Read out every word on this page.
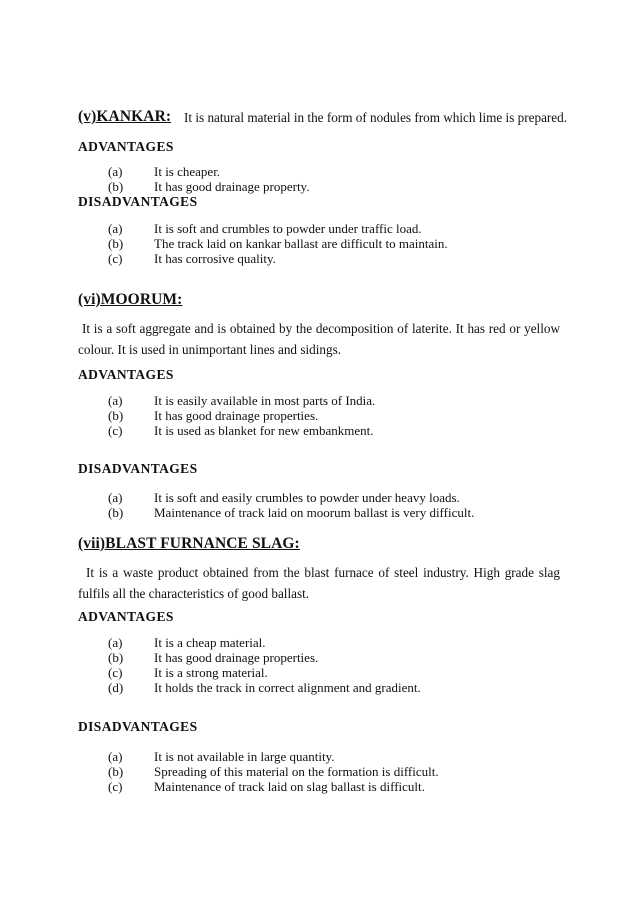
(v)KANKAR: It is natural material in the form of nodules from which lime is prepared.
ADVANTAGES
(a)	It is cheaper.
(b)	It has good drainage property.
DISADVANTAGES
(a)	It is soft and crumbles to powder under traffic load.
(b)	The track laid on kankar ballast are difficult to maintain.
(c)	It has corrosive quality.
(vi)MOORUM:
It is a soft aggregate and is obtained by the decomposition of laterite. It has red or yellow colour. It is used in unimportant lines and sidings.
ADVANTAGES
(a)	It is easily available in most parts of India.
(b)	It has good drainage properties.
(c)	It is used as blanket for new embankment.
DISADVANTAGES
(a)	It is soft and easily crumbles to powder under heavy loads.
(b)	Maintenance of track laid on moorum ballast is very difficult.
(vii)BLAST FURNANCE SLAG:
It is a waste product obtained from the blast furnace of steel industry. High grade slag fulfils all the characteristics of good ballast.
ADVANTAGES
(a)	It is a cheap material.
(b)	It has good drainage properties.
(c)	It is a strong material.
(d)	It holds the track in correct alignment and gradient.
DISADVANTAGES
(a)	It is not available in large quantity.
(b)	Spreading of this material on the formation is difficult.
(c)	Maintenance of track laid on slag ballast is difficult.
